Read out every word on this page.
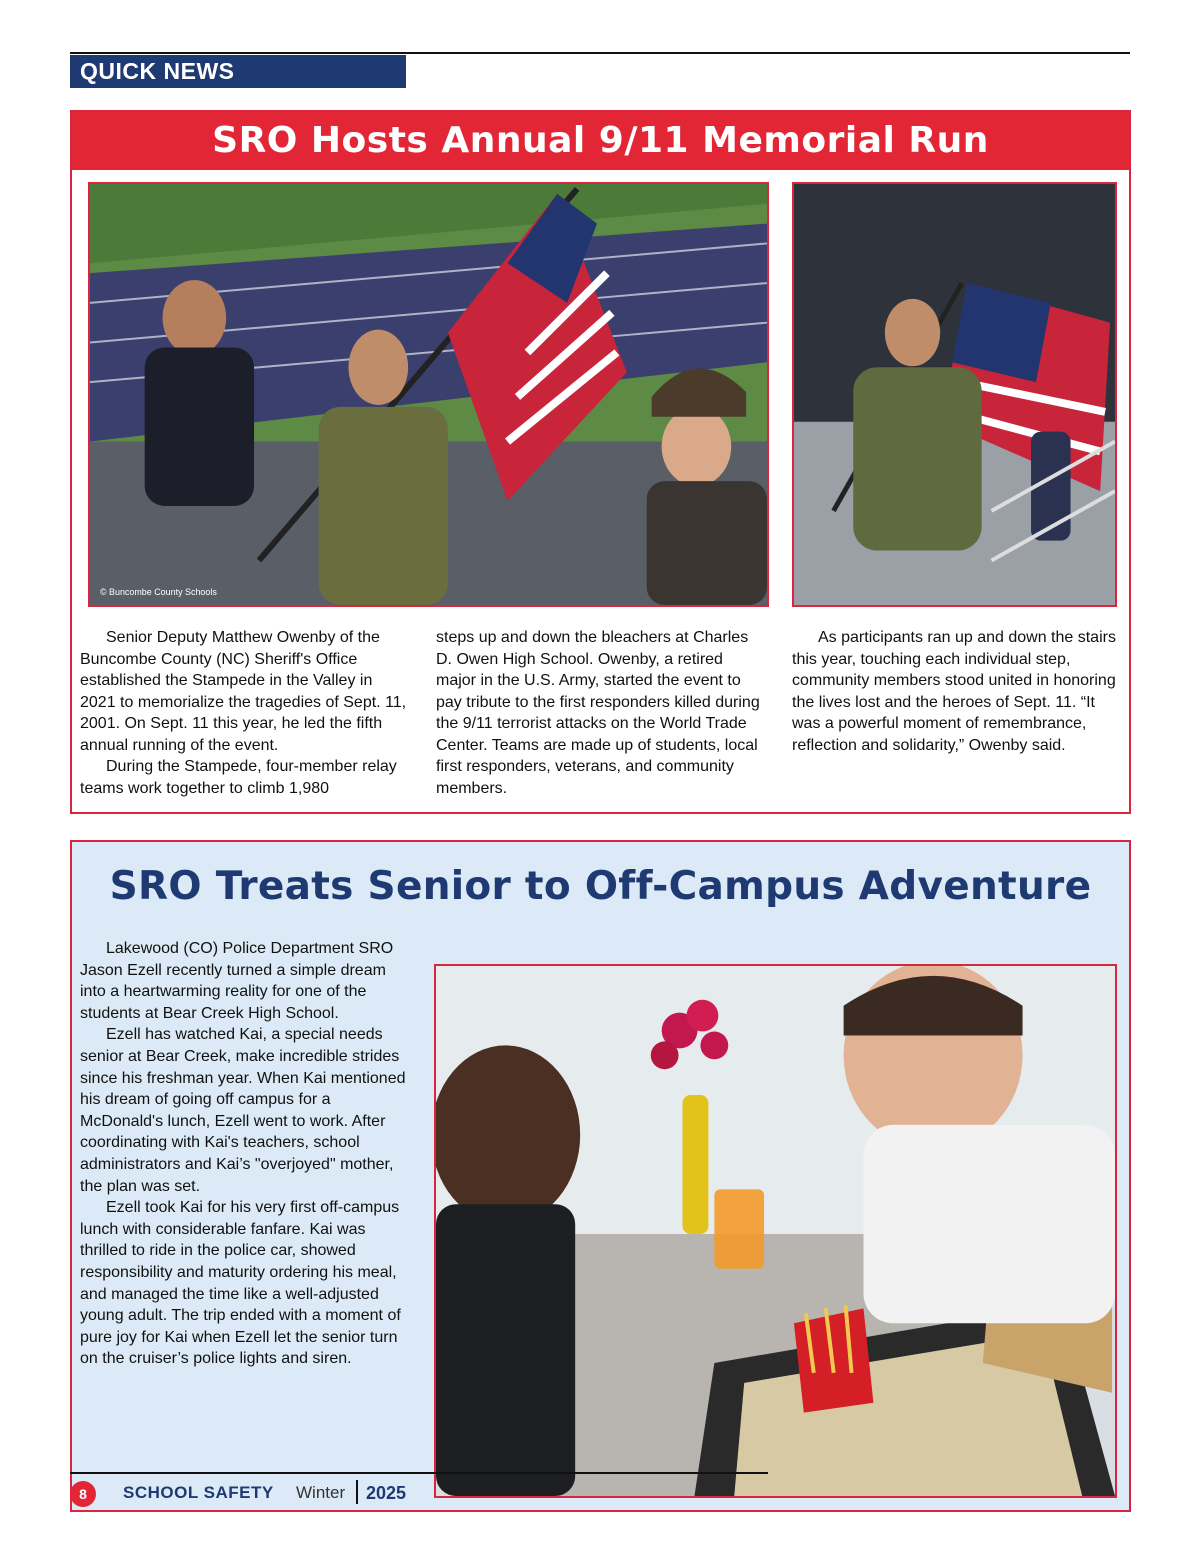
QUICK NEWS
SRO Hosts Annual 9/11 Memorial Run
© Buncombe County Schools

Senior Deputy Matthew Owenby of the Buncombe County (NC) Sheriff's Office established the Stampede in the Valley in 2021 to memorialize the tragedies of Sept. 11, 2001. On Sept. 11 this year, he led the fifth annual running of the event.

During the Stampede, four-member relay teams work together to climb 1,980

steps up and down the bleachers at Charles D. Owen High School. Owenby, a retired major in the U.S. Army, started the event to pay tribute to the first responders killed during the 9/11 terrorist attacks on the World Trade Center. Teams are made up of students, local first responders, veterans, and community members.

As participants ran up and down the stairs this year, touching each individual step, community members stood united in honoring the lives lost and the heroes of Sept. 11. “It was a powerful moment of remembrance, reflection and solidarity,” Owenby said.

SRO Treats Senior to Off-Campus Adventure

Lakewood (CO) Police Department SRO Jason Ezell recently turned a simple dream into a heartwarming reality for one of the students at Bear Creek High School.

Ezell has watched Kai, a special needs senior at Bear Creek, make incredible strides since his freshman year. When Kai mentioned his dream of going off campus for a McDonald's lunch, Ezell went to work. After coordinating with Kai's teachers, school administrators and Kai’s "overjoyed" mother, the plan was set.

Ezell took Kai for his very first off-campus lunch with considerable fanfare. Kai was thrilled to ride in the police car, showed responsibility and maturity ordering his meal, and managed the time like a well-adjusted young adult. The trip ended with a moment of pure joy for Kai when Ezell let the senior turn on the cruiser’s police lights and siren.

8	SCHOOL SAFETY Winter 2025
